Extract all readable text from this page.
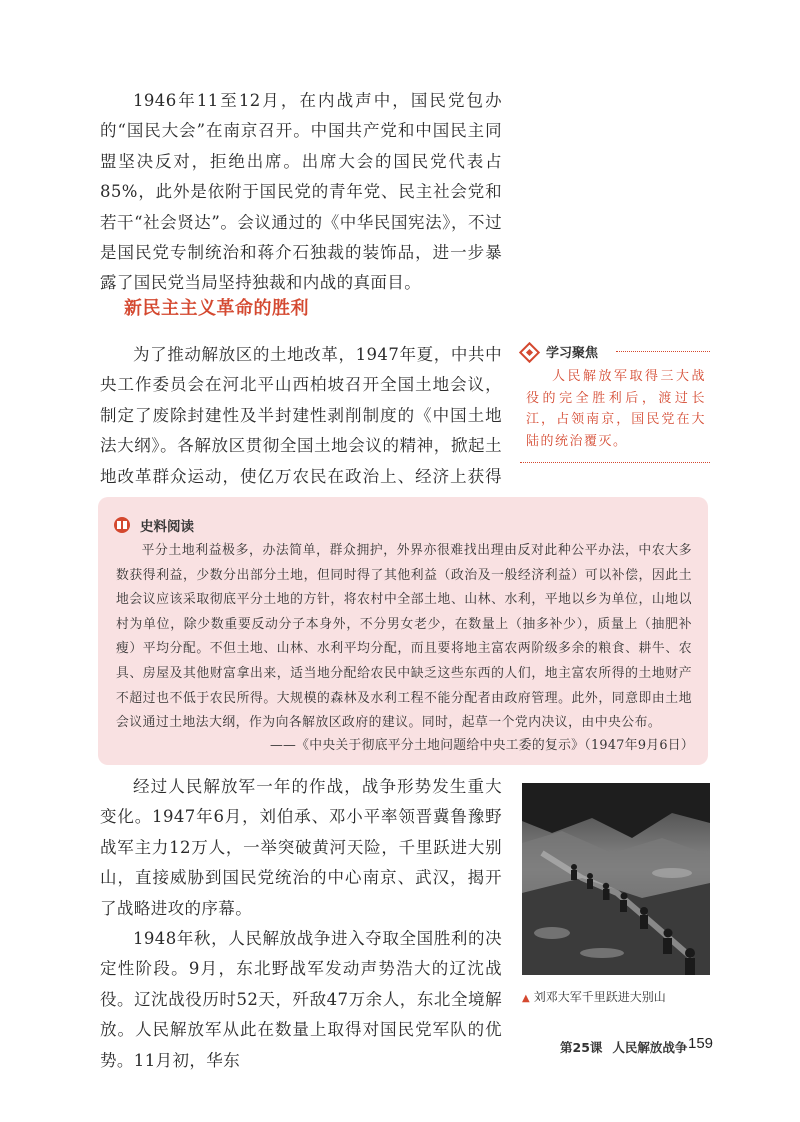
1946年11至12月，在内战声中，国民党包办的“国民大会”在南京召开。中国共产党和中国民主同盟坚决反对，拒绝出席。出席大会的国民党代表占85%，此外是依附于国民党的青年党、民主社会党和若干“社会贤达”。会议通过的《中华民国宪法》，不过是国民党专制统治和蒋介石独裁的装饰品，进一步暴露了国民党当局坚持独裁和内战的真面目。

新民主主义革命的胜利

为了推动解放区的土地改革，1947年夏，中共中央工作委员会在河北平山西柏坡召开全国土地会议，制定了废除封建性及半封建性剥削制度的《中国土地法大纲》。各解放区贯彻全国土地会议的精神，掀起土地改革群众运动，使亿万农民在政治上、经济上获得

学习聚焦

人民解放军取得三大战役的完全胜利后，渡过长江，占领南京，国民党在大陆的统治覆灭。

史料阅读

平分土地利益极多，办法简单，群众拥护，外界亦很难找出理由反对此种公平办法，中农大多数获得利益，少数分出部分土地，但同时得了其他利益（政治及一般经济利益）可以补偿，因此土地会议应该采取彻底平分土地的方针，将农村中全部土地、山林、水利，平地以乡为单位，山地以村为单位，除少数重要反动分子本身外，不分男女老少，在数量上（抽多补少），质量上（抽肥补瘦）平均分配。不但土地、山林、水利平均分配，而且要将地主富农两阶级多余的粮食、耕牛、农具、房屋及其他财富拿出来，适当地分配给农民中缺乏这些东西的人们，地主富农所得的土地财产不超过也不低于农民所得。大规模的森林及水利工程不能分配者由政府管理。此外，同意即由土地会议通过土地法大纲，作为向各解放区政府的建议。同时，起草一个党内决议，由中央公布。

——《中央关于彻底平分土地问题给中央工委的复示》（1947年9月6日）

经过人民解放军一年的作战，战争形势发生重大变化。1947年6月，刘伯承、邓小平率领晋冀鲁豫野战军主力12万人，一举突破黄河天险，千里跃进大别山，直接威胁到国民党统治的中心南京、武汉，揭开了战略进攻的序幕。

1948年秋，人民解放战争进入夺取全国胜利的决定性阶段。9月，东北野战军发动声势浩大的辽沈战役。辽沈战役历时52天，歼敌47万余人，东北全境解放。人民解放军从此在数量上取得对国民党军队的优势。11月初，华东

▲ 刘邓大军千里跃进大别山

第25课 人民解放战争 159
